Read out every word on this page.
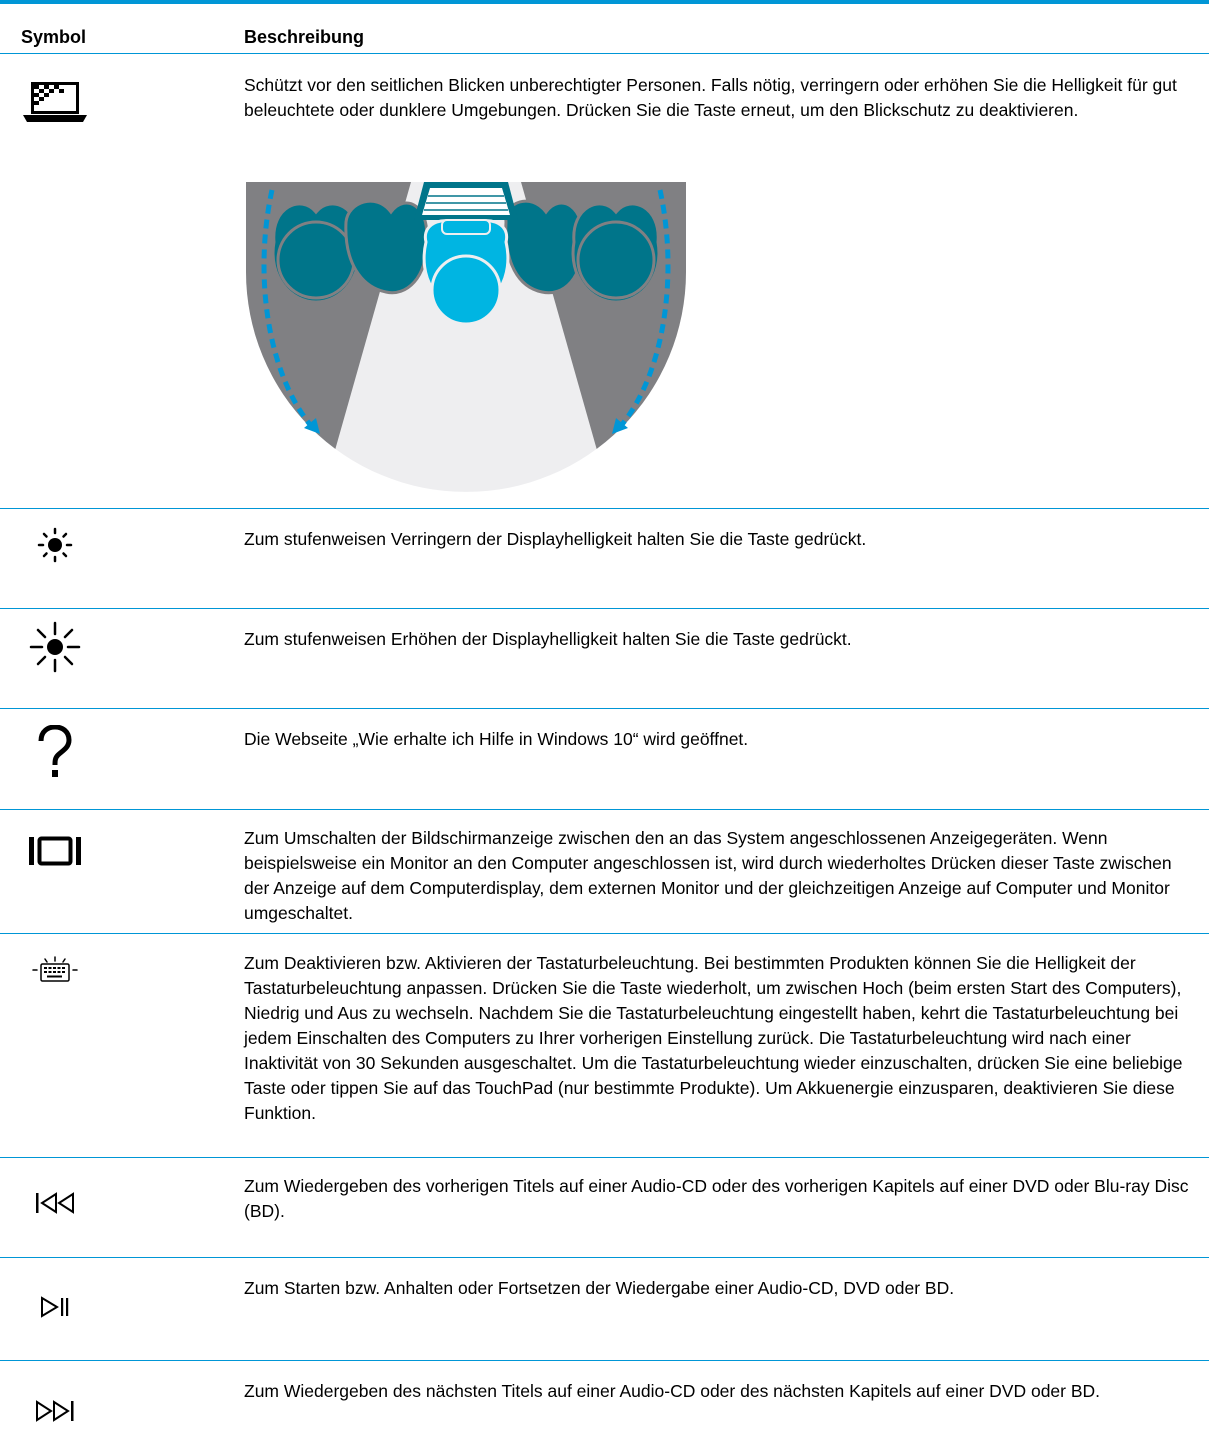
Symbol	Beschreibung
Schützt vor den seitlichen Blicken unberechtigter Personen. Falls nötig, verringern oder erhöhen Sie die Helligkeit für gut beleuchtete oder dunklere Umgebungen. Drücken Sie die Taste erneut, um den Blickschutz zu deaktivieren.
Zum stufenweisen Verringern der Displayhelligkeit halten Sie die Taste gedrückt.
Zum stufenweisen Erhöhen der Displayhelligkeit halten Sie die Taste gedrückt.
Die Webseite „Wie erhalte ich Hilfe in Windows 10“ wird geöffnet.
Zum Umschalten der Bildschirmanzeige zwischen den an das System angeschlossenen Anzeigegeräten. Wenn beispielsweise ein Monitor an den Computer angeschlossen ist, wird durch wiederholtes Drücken dieser Taste zwischen der Anzeige auf dem Computerdisplay, dem externen Monitor und der gleichzeitigen Anzeige auf Computer und Monitor umgeschaltet.
Zum Deaktivieren bzw. Aktivieren der Tastaturbeleuchtung. Bei bestimmten Produkten können Sie die Helligkeit der Tastaturbeleuchtung anpassen. Drücken Sie die Taste wiederholt, um zwischen Hoch (beim ersten Start des Computers), Niedrig und Aus zu wechseln. Nachdem Sie die Tastaturbeleuchtung eingestellt haben, kehrt die Tastaturbeleuchtung bei jedem Einschalten des Computers zu Ihrer vorherigen Einstellung zurück. Die Tastaturbeleuchtung wird nach einer Inaktivität von 30 Sekunden ausgeschaltet. Um die Tastaturbeleuchtung wieder einzuschalten, drücken Sie eine beliebige Taste oder tippen Sie auf das TouchPad (nur bestimmte Produkte). Um Akkuenergie einzusparen, deaktivieren Sie diese Funktion.
Zum Wiedergeben des vorherigen Titels auf einer Audio-CD oder des vorherigen Kapitels auf einer DVD oder Blu-ray Disc (BD).
Zum Starten bzw. Anhalten oder Fortsetzen der Wiedergabe einer Audio-CD, DVD oder BD.
Zum Wiedergeben des nächsten Titels auf einer Audio-CD oder des nächsten Kapitels auf einer DVD oder BD.
